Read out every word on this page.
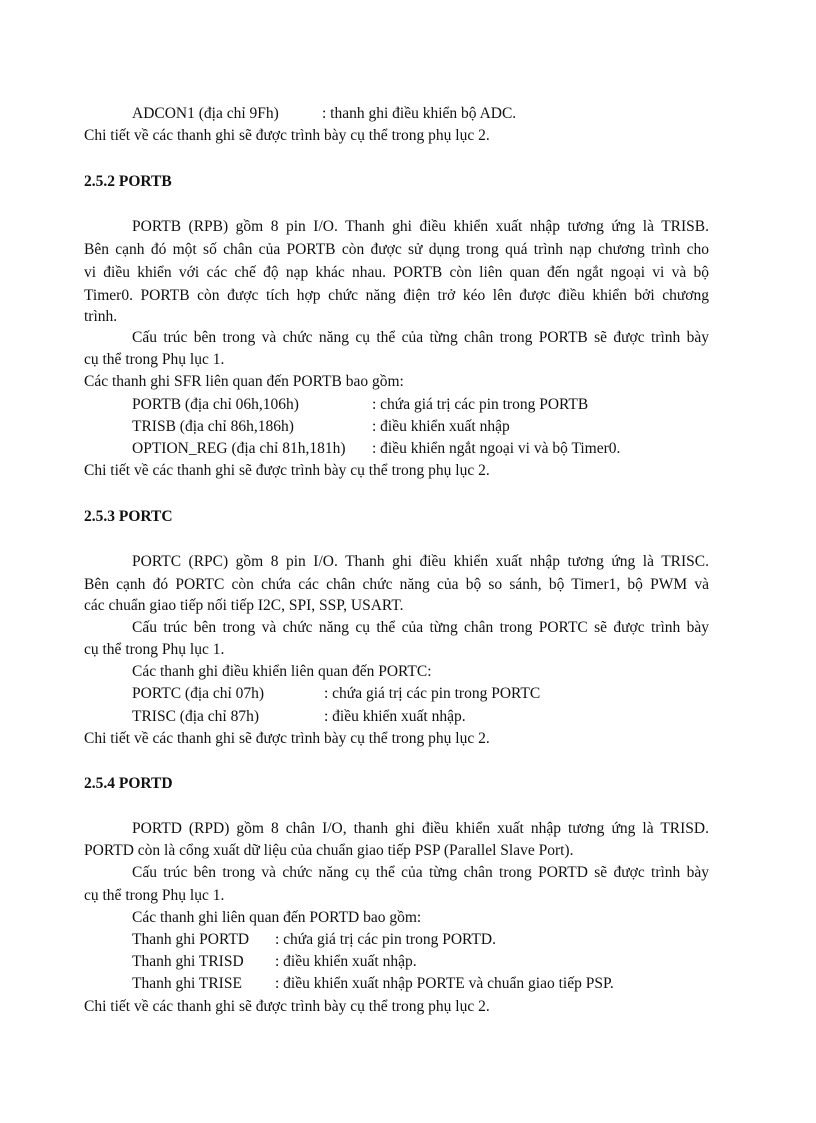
ADCON1 (địa chỉ 9Fh)	: thanh ghi điều khiển bộ ADC.
Chi tiết về các thanh ghi sẽ được trình bày cụ thể trong phụ lục 2.
2.5.2 PORTB
PORTB (RPB) gồm 8 pin I/O. Thanh ghi điều khiển xuất nhập tương ứng là TRISB.
Bên cạnh đó một số chân của PORTB còn được sử dụng trong quá trình nạp chương trình cho
vi điều khiển với các chế độ nạp khác nhau. PORTB còn liên quan đến ngắt ngoại vi và bộ
Timer0. PORTB còn được tích hợp chức năng điện trở kéo lên được điều khiển bởi chương
trình.
Cấu trúc bên trong và chức năng cụ thể của từng chân trong PORTB sẽ được trình bày
cụ thể trong Phụ lục 1.
Các thanh ghi SFR liên quan đến PORTB bao gồm:
PORTB (địa chỉ 06h,106h)	: chứa giá trị các pin trong PORTB
TRISB (địa chỉ 86h,186h)	: điều khiển xuất nhập
OPTION_REG (địa chỉ 81h,181h) : điều khiển ngắt ngoại vi và bộ Timer0.
Chi tiết về các thanh ghi sẽ được trình bày cụ thể trong phụ lục 2.
2.5.3 PORTC
PORTC (RPC) gồm 8 pin I/O. Thanh ghi điều khiển xuất nhập tương ứng là TRISC.
Bên cạnh đó PORTC còn chứa các chân chức năng của bộ so sánh, bộ Timer1, bộ PWM và
các chuẩn giao tiếp nối tiếp I2C, SPI, SSP, USART.
Cấu trúc bên trong và chức năng cụ thể của từng chân trong PORTC sẽ được trình bày
cụ thể trong Phụ lục 1.
Các thanh ghi điều khiển liên quan đến PORTC:
PORTC (địa chỉ 07h)	: chứa giá trị các pin trong PORTC
TRISC (địa chỉ 87h)	: điều khiển xuất nhập.
Chi tiết về các thanh ghi sẽ được trình bày cụ thể trong phụ lục 2.
2.5.4 PORTD
PORTD (RPD) gồm 8 chân I/O, thanh ghi điều khiển xuất nhập tương ứng là TRISD.
PORTD còn là cổng xuất dữ liệu của chuẩn giao tiếp PSP (Parallel Slave Port).
Cấu trúc bên trong và chức năng cụ thể của từng chân trong PORTD sẽ được trình bày
cụ thể trong Phụ lục 1.
Các thanh ghi liên quan đến PORTD bao gồm:
Thanh ghi PORTD : chứa giá trị các pin trong PORTD.
Thanh ghi TRISD : điều khiển xuất nhập.
Thanh ghi TRISE : điều khiển xuất nhập PORTE và chuẩn giao tiếp PSP.
Chi tiết về các thanh ghi sẽ được trình bày cụ thể trong phụ lục 2.
